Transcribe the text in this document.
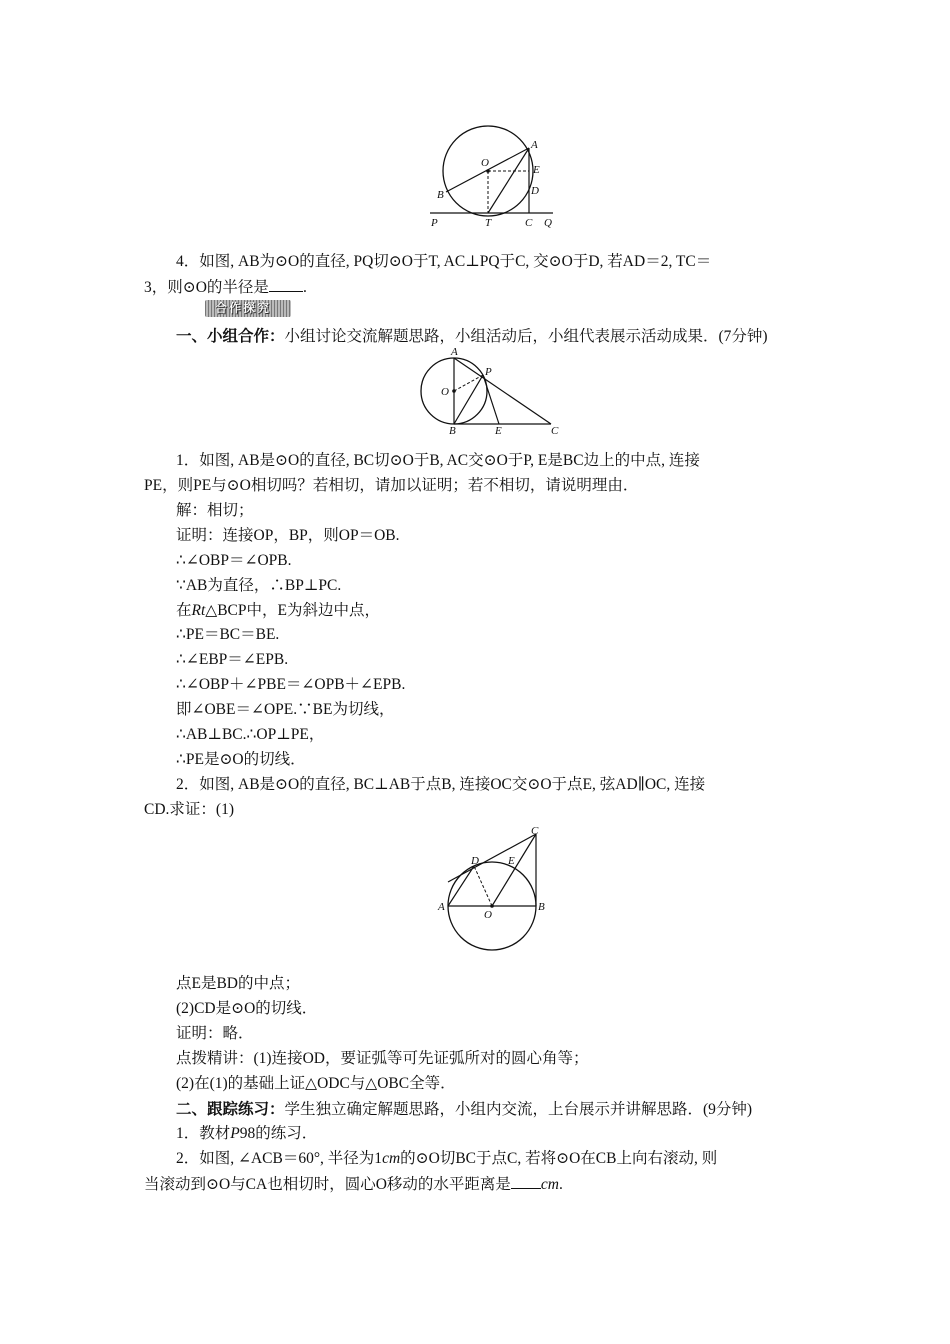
A
O
E
B	D
P	T	C Q
4．如图, AB为⊙O的直径, PQ切⊙O于T, AC⊥PQ于C, 交⊙O于D, 若AD＝2, TC＝
3，则⊙O的半径是 .
合作探究
一、小组合作：小组讨论交流解题思路，小组活动后，小组代表展示活动成果．(7分钟)
A
P
O
B	E	C
1．如图, AB是⊙O的直径, BC切⊙O于B, AC交⊙O于P, E是BC边上的中点, 连接
PE，则PE与⊙O相切吗？若相切，请加以证明；若不相切，请说明理由．
解：相切；
证明：连接OP，BP，则OP＝OB.
∴∠OBP＝∠OPB.
∵AB为直径，∴BP⊥PC.
在Rt△BCP中，E为斜边中点，
∴PE＝BC＝BE.
∴∠EBP＝∠EPB.
∴∠OBP＋∠PBE＝∠OPB＋∠EPB.
即∠OBE＝∠OPE.∵BE为切线，
∴AB⊥BC.∴OP⊥PE，
∴PE是⊙O的切线．
2．如图, AB是⊙O的直径, BC⊥AB于点B, 连接OC交⊙O于点E, 弦AD∥OC, 连接
CD.求证：(1)
C
D	E
A
O
B
点E是BD的中点；
(2)CD是⊙O的切线．
证明：略．
点拨精讲：(1)连接OD，要证弧等可先证弧所对的圆心角等；
(2)在(1)的基础上证△ODC与△OBC全等．
二、跟踪练习：学生独立确定解题思路，小组内交流，上台展示并讲解思路．(9分钟)
1．教材P98的练习．
2．如图, ∠ACB＝60°, 半径为1cm的⊙O切BC于点C, 若将⊙O在CB上向右滚动, 则
当滚动到⊙O与CA也相切时，圆心O移动的水平距离是 cm.
